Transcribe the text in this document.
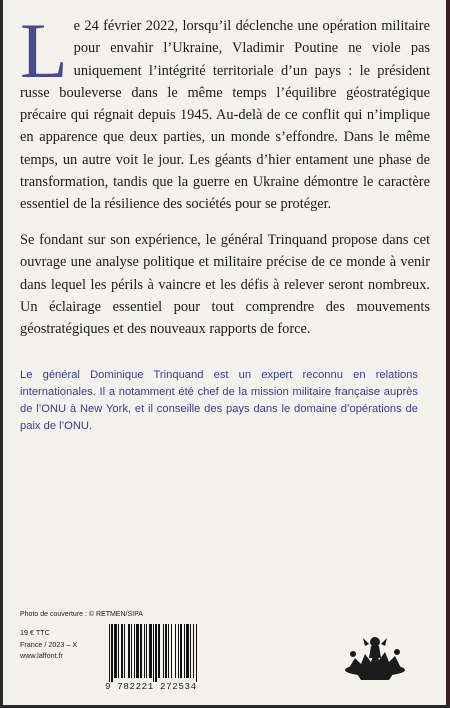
Le 24 février 2022, lorsqu’il déclenche une opération militaire pour envahir l’Ukraine, Vladimir Poutine ne viole pas uniquement l’intégrité territoriale d’un pays : le président russe bouleverse dans le même temps l’équilibre géostratégique précaire qui régnait depuis 1945. Au-delà de ce conflit qui n’implique en apparence que deux parties, un monde s’effondre. Dans le même temps, un autre voit le jour. Les géants d’hier entament une phase de transformation, tandis que la guerre en Ukraine démontre le caractère essentiel de la résilience des sociétés pour se protéger.

Se fondant sur son expérience, le général Trinquand propose dans cet ouvrage une analyse politique et militaire précise de ce monde à venir dans lequel les périls à vaincre et les défis à relever seront nombreux. Un éclairage essentiel pour tout comprendre des mouvements géostratégiques et des nouveaux rapports de force.

Le général Dominique Trinquand est un expert reconnu en relations internationales. Il a notamment été chef de la mission militaire française auprès de l’ONU à New York, et il conseille des pays dans le domaine d’opérations de paix de l’ONU.

Photo de couverture : © RETMEN/SIPA
19 € TTC
France / 2023 – X
www.laffont.fr
9 782221 272534
